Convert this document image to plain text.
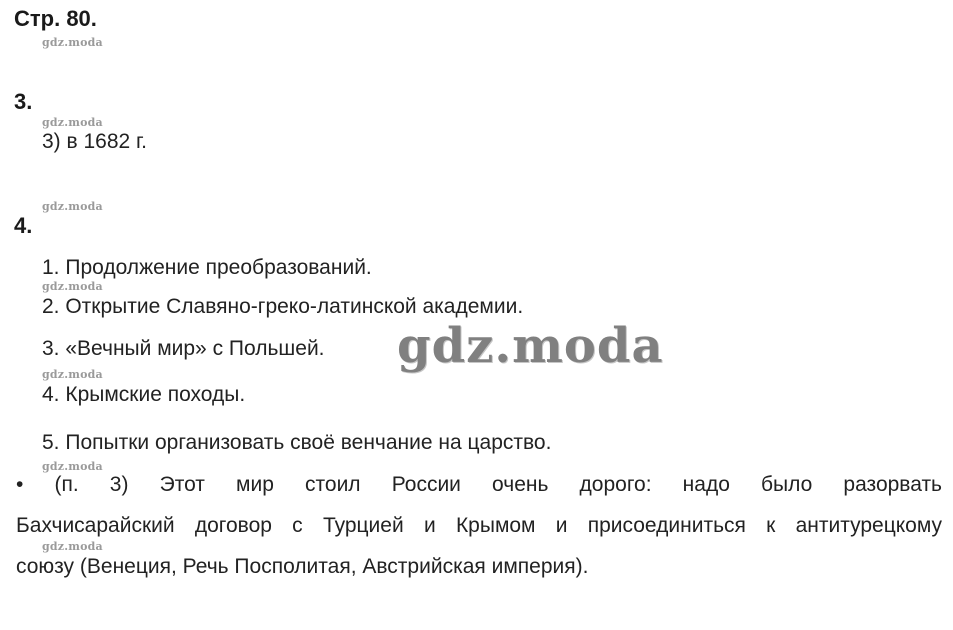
Стр. 80.
gdz.moda
3.
gdz.moda
3) в 1682 г.
gdz.moda
4.
1. Продолжение преобразований.
gdz.moda
2. Открытие Славяно-греко-латинской академии.
3. «Вечный мир» с Польшей.
gdz.moda
4. Крымские походы.
5. Попытки организовать своё венчание на царство.
gdz.moda
• (п. 3) Этот мир стоил России очень дорого: надо было разорвать
Бахчисарайский договор с Турцией и Крымом и присоединиться к антитурецкому
gdz.moda
союзу (Венеция, Речь Посполитая, Австрийская империя).
gdz.moda
